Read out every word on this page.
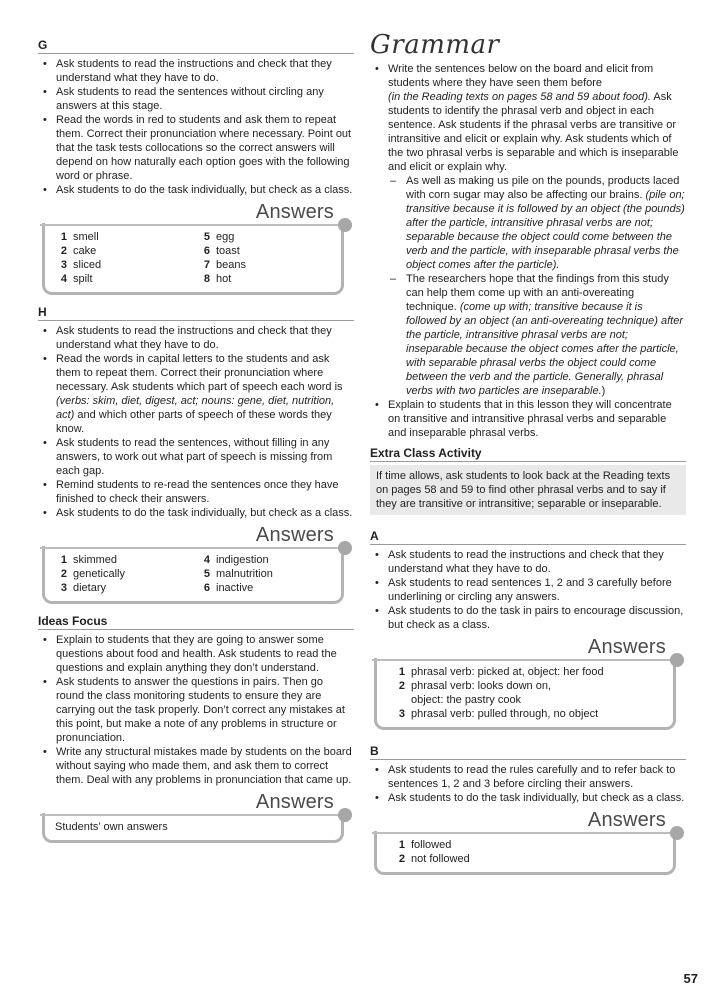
G
• Ask students to read the instructions and check that they understand what they have to do.
• Ask students to read the sentences without circling any answers at this stage.
• Read the words in red to students and ask them to repeat them. Correct their pronunciation where necessary. Point out that the task tests collocations so the correct answers will depend on how naturally each option goes with the following word or phrase.
• Ask students to do the task individually, but check as a class.
Answers
1 smell
2 cake
3 sliced
4 spilt
5 egg
6 toast
7 beans
8 hot
H
• Ask students to read the instructions and check that they understand what they have to do.
• Read the words in capital letters to the students and ask them to repeat them. Correct their pronunciation where necessary. Ask students which part of speech each word is (verbs: skim, diet, digest, act; nouns: gene, diet, nutrition, act) and which other parts of speech of these words they know.
• Ask students to read the sentences, without filling in any answers, to work out what part of speech is missing from each gap.
• Remind students to re-read the sentences once they have finished to check their answers.
• Ask students to do the task individually, but check as a class.
Answers
1 skimmed
2 genetically
3 dietary
4 indigestion
5 malnutrition
6 inactive
Ideas Focus
• Explain to students that they are going to answer some questions about food and health. Ask students to read the questions and explain anything they don’t understand.
• Ask students to answer the questions in pairs. Then go round the class monitoring students to ensure they are carrying out the task properly. Don’t correct any mistakes at this point, but make a note of any problems in structure or pronunciation.
• Write any structural mistakes made by students on the board without saying who made them, and ask them to correct them. Deal with any problems in pronunciation that came up.
Answers
Students’ own answers
Grammar
• Write the sentences below on the board and elicit from students where they have seen them before
(in the Reading texts on pages 58 and 59 about food). Ask students to identify the phrasal verb and object in each sentence. Ask students if the phrasal verbs are transitive or intransitive and elicit or explain why. Ask students which of the two phrasal verbs is separable and which is inseparable and elicit or explain why.
– As well as making us pile on the pounds, products laced with corn sugar may also be affecting our brains. (pile on; transitive because it is followed by an object (the pounds) after the particle, intransitive phrasal verbs are not; separable because the object could come between the verb and the particle, with inseparable phrasal verbs the object comes after the particle).
– The researchers hope that the findings from this study can help them come up with an anti-overeating technique. (come up with; transitive because it is followed by an object (an anti-overeating technique) after the particle, intransitive phrasal verbs are not; inseparable because the object comes after the particle, with separable phrasal verbs the object could come between the verb and the particle. Generally, phrasal verbs with two particles are inseparable.)
• Explain to students that in this lesson they will concentrate on transitive and intransitive phrasal verbs and separable and inseparable phrasal verbs.
Extra Class Activity
If time allows, ask students to look back at the Reading texts on pages 58 and 59 to find other phrasal verbs and to say if they are transitive or intransitive; separable or inseparable.
A
• Ask students to read the instructions and check that they understand what they have to do.
• Ask students to read sentences 1, 2 and 3 carefully before underlining or circling any answers.
• Ask students to do the task in pairs to encourage discussion, but check as a class.
Answers
1 phrasal verb: picked at, object: her food
2 phrasal verb: looks down on,
object: the pastry cook
3 phrasal verb: pulled through, no object
B
• Ask students to read the rules carefully and to refer back to sentences 1, 2 and 3 before circling their answers.
• Ask students to do the task individually, but check as a class.
Answers
1 followed
2 not followed
57
